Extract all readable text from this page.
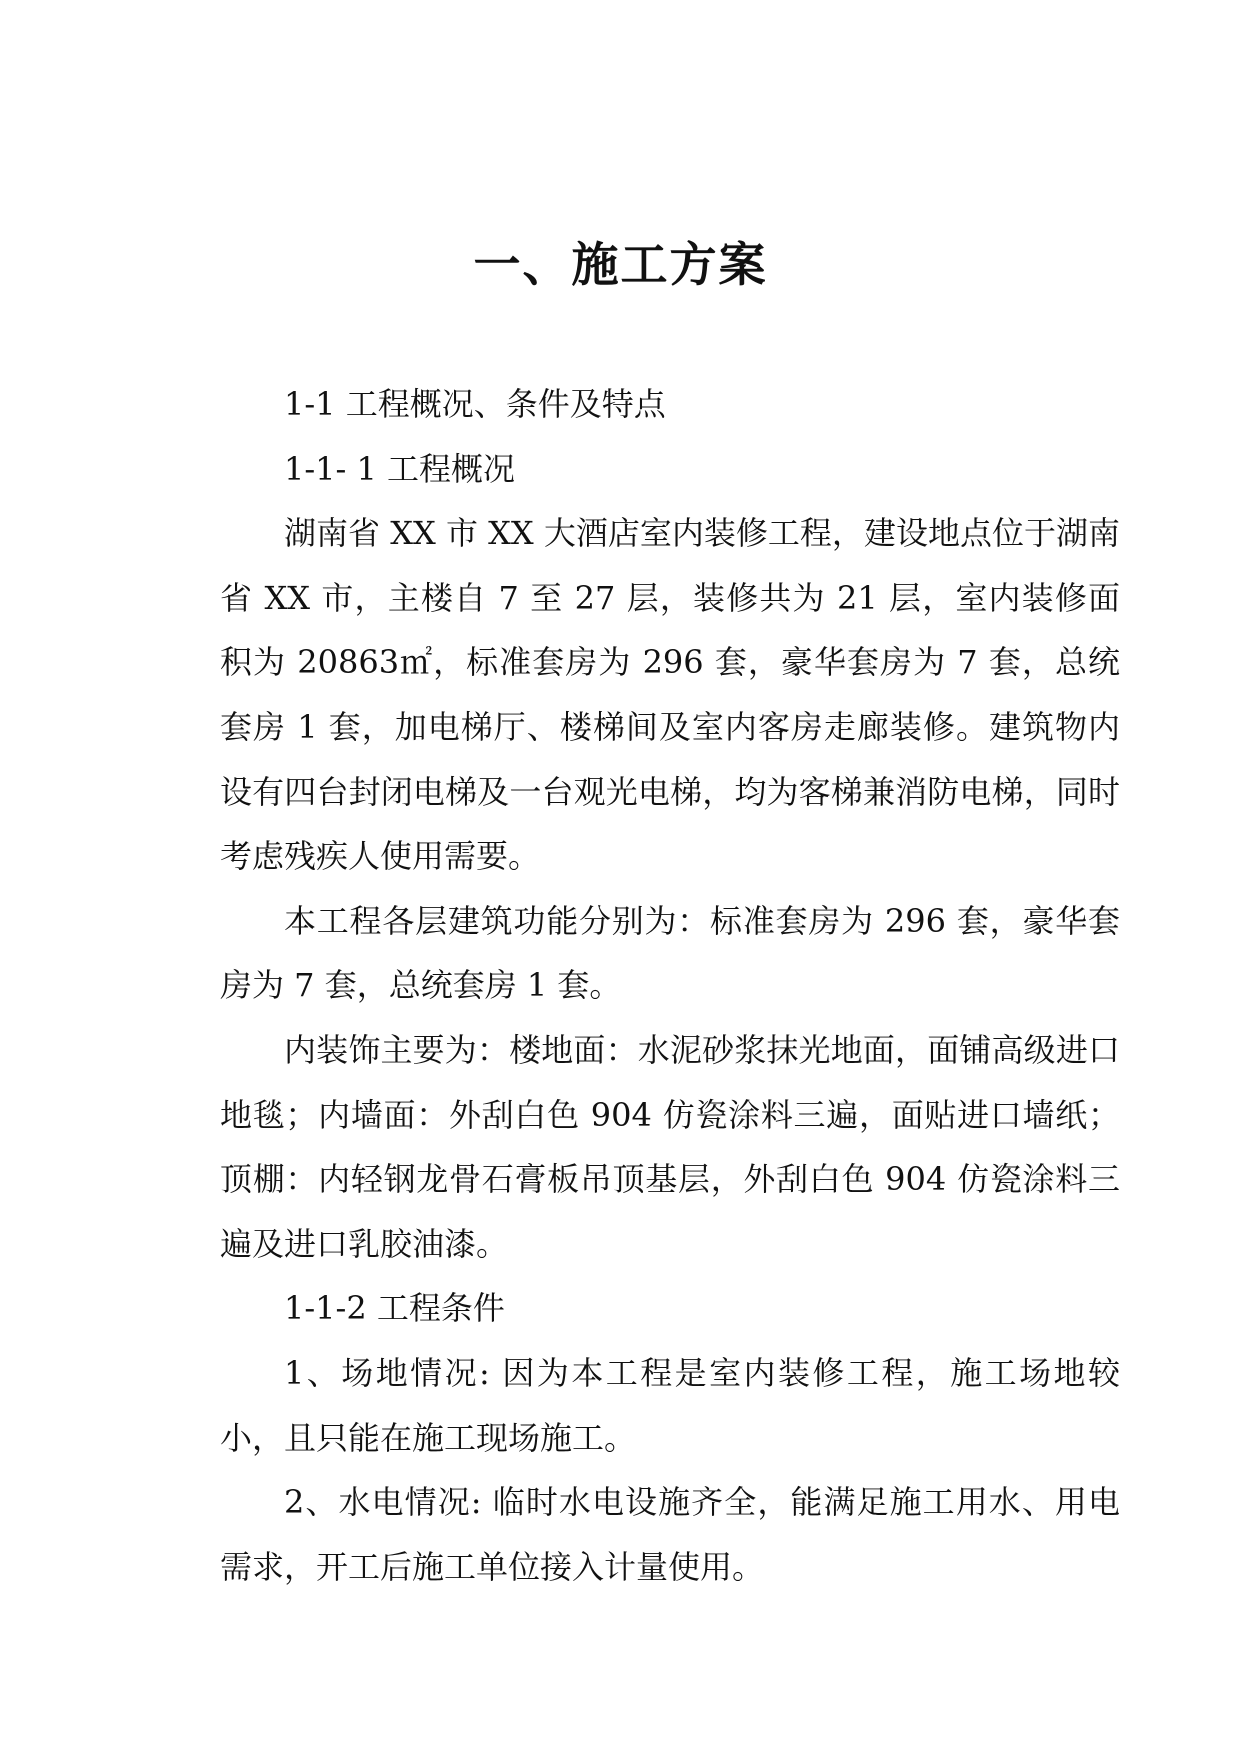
一、施工方案

1-1 工程概况、条件及特点

1-1- 1 工程概况

湖南省 XX 市 XX 大酒店室内装修工程，建设地点位于湖南省 XX 市，主楼自 7 至 27 层，装修共为 21 层，室内装修面积为 20863㎡，标准套房为 296 套，豪华套房为 7 套，总统套房 1 套，加电梯厅、楼梯间及室内客房走廊装修。建筑物内设有四台封闭电梯及一台观光电梯，均为客梯兼消防电梯，同时考虑残疾人使用需要。

本工程各层建筑功能分别为：标准套房为 296 套，豪华套房为 7 套，总统套房 1 套。

内装饰主要为：楼地面：水泥砂浆抹光地面，面铺高级进口地毯；内墙面：外刮白色 904 仿瓷涂料三遍，面贴进口墙纸；顶棚：内轻钢龙骨石膏板吊顶基层，外刮白色 904 仿瓷涂料三遍及进口乳胶油漆。

1-1-2 工程条件

1、场地情况: 因为本工程是室内装修工程，施工场地较小，且只能在施工现场施工。

2、水电情况: 临时水电设施齐全，能满足施工用水、用电需求，开工后施工单位接入计量使用。
